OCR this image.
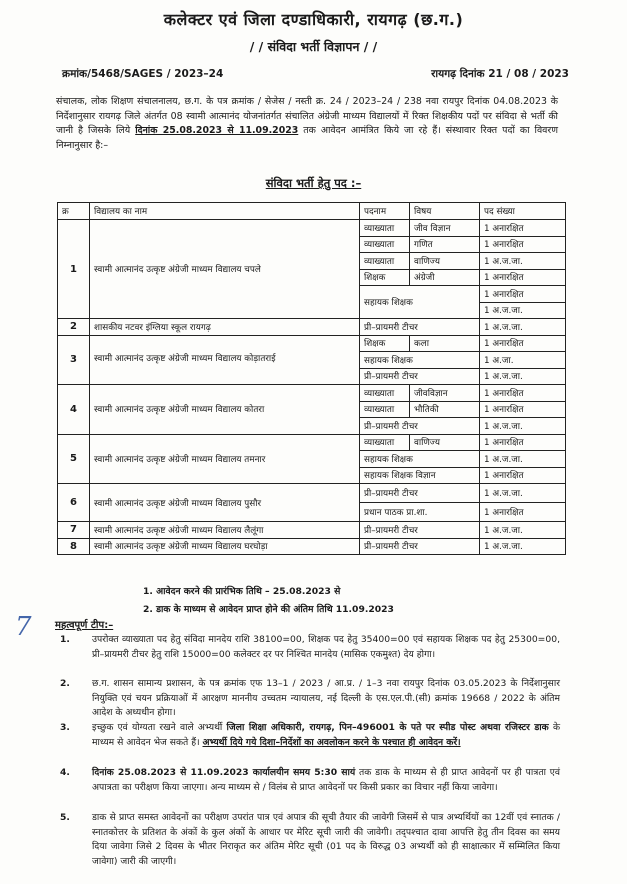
कलेक्टर एवं जिला दण्डाधिकारी, रायगढ़ (छ.ग.)
/ / संविदा भर्ती विज्ञापन / /
क्रमांक/5468/SAGES / 2023–24	रायगढ़ दिनांक 21 / 08 / 2023
संचालक, लोक शिक्षण संचालनालय, छ.ग. के पत्र क्रमांक / सेजेस / नस्ती क्र. 24 / 2023–24 / 238 नवा रायपुर दिनांक 04.08.2023 के निर्देशानुसार रायगढ़ जिले अंतर्गत 08 स्वामी आत्मानंद योजनांतर्गत संचालित अंग्रेजी माध्यम विद्यालयों में रिक्त शिक्षकीय पदों पर संविदा से भर्ती की जानी है जिसके लिये दिनांक 25.08.2023 से 11.09.2023 तक आवेदन आमंत्रित किये जा रहे हैं। संस्थावार रिक्त पदों का विवरण निम्नानुसार है:–
संविदा भर्ती हेतु पद :–
क्र	विद्यालय का नाम	पदनाम	विषय	पद संख्या
1	स्वामी आत्मानंद उत्कृष्ट अंग्रेजी माध्यम विद्यालय चपले	व्याख्याता	जीव विज्ञान	1 अनारक्षित
		व्याख्याता	गणित	1 अनारक्षित
		व्याख्याता	वाणिज्य	1 अ.ज.जा.
		शिक्षक	अंग्रेजी	1 अनारक्षित
		सहायक शिक्षक		1 अनारक्षित
				1 अ.ज.जा.
2	शासकीय नटवर इंग्लिया स्कूल रायगढ़	प्री–प्रायमरी टीचर		1 अ.ज.जा.
3	स्वामी आत्मानंद उत्कृष्ट अंग्रेजी माध्यम विद्यालय कोड़ातराई	शिक्षक	कला	1 अनारक्षित
		सहायक शिक्षक		1 अ.जा.
		प्री–प्रायमरी टीचर		1 अ.ज.जा.
4	स्वामी आत्मानंद उत्कृष्ट अंग्रेजी माध्यम विद्यालय कोतरा	व्याख्याता	जीवविज्ञान	1 अनारक्षित
		व्याख्याता	भौतिकी	1 अनारक्षित
		प्री–प्रायमरी टीचर		1 अ.ज.जा.
5	स्वामी आत्मानंद उत्कृष्ट अंग्रेजी माध्यम विद्यालय तमनार	व्याख्याता	वाणिज्य	1 अनारक्षित
		सहायक शिक्षक		1 अ.ज.जा.
		सहायक शिक्षक विज्ञान		1 अनारक्षित
6	स्वामी आत्मानंद उत्कृष्ट अंग्रेजी माध्यम विद्यालय पुसौर	प्री–प्रायमरी टीचर		1 अ.ज.जा.
		प्रधान पाठक प्रा.शा.		1 अनारक्षित
7	स्वामी आत्मानंद उत्कृष्ट अंग्रेजी माध्यम विद्यालय लैलूंगा	प्री–प्रायमरी टीचर		1 अ.ज.जा.
8	स्वामी आत्मानंद उत्कृष्ट अंग्रेजी माध्यम विद्यालय घरघोड़ा	प्री–प्रायमरी टीचर		1 अ.ज.जा.
1. आवेदन करने की प्रारंभिक तिथि – 25.08.2023 से
2. डाक के माध्यम से आवेदन प्राप्त होने की अंतिम तिथि 11.09.2023
7 महत्वपूर्ण टीप:–
1.	उपरोक्त व्याख्याता पद हेतु संविदा मानदेय राशि 38100=00, शिक्षक पद हेतु 35400=00 एवं सहायक शिक्षक पद हेतु 25300=00, प्री–प्रायमरी टीचर हेतु राशि 15000=00 कलेक्टर दर पर निश्चित मानदेय (मासिक एकमुश्त) देय होगा।
2.	छ.ग. शासन सामान्य प्रशासन, के पत्र क्रमांक एफ 13–1 / 2023 / आ.प्र. / 1–3 नवा रायपुर दिनांक 03.05.2023 के निर्देशानुसार नियुक्ति एवं चयन प्रक्रियाओं में आरक्षण माननीय उच्चतम न्यायालय, नई दिल्ली के एस.एल.पी.(सी) क्रमांक 19668 / 2022 के अंतिम आदेश के अध्यधीन होगा।
3.	इच्छुक एवं योग्यता रखने वाले अभ्यर्थी जिला शिक्षा अधिकारी, रायगढ़, पिन–496001 के पते पर स्पीड पोस्ट अथवा रजिस्टर डाक के माध्यम से आवेदन भेज सकते हैं। अभ्यर्थी दिये गये दिशा–निर्देशों का अवलोकन करने के पश्चात ही आवेदन करें।
4.	दिनांक 25.08.2023 से 11.09.2023 कार्यालयीन समय 5:30 सायं तक डाक के माध्यम से ही प्राप्त आवेदनों पर ही पात्रता एवं अपात्रता का परीक्षण किया जाएगा। अन्य माध्यम से / विलंब से प्राप्त आवेदनों पर किसी प्रकार का विचार नहीं किया जावेगा।
5.	डाक से प्राप्त समस्त आवेदनों का परीक्षण उपरांत पात्र एवं अपात्र की सूची तैयार की जावेगी जिसमें से पात्र अभ्यर्थियों का 12वीं एवं स्नातक / स्नातकोत्तर के प्रतिशत के अंकों के कुल अंकों के आधार पर मेरिट सूची जारी की जावेगी। तद्पश्चात दावा आपत्ति हेतु तीन दिवस का समय दिया जावेगा जिसे 2 दिवस के भीतर निराकृत कर अंतिम मेरिट सूची (01 पद के विरुद्ध 03 अभ्यर्थी को ही साक्षात्कार में सम्मिलित किया जावेगा) जारी की जाएगी।
